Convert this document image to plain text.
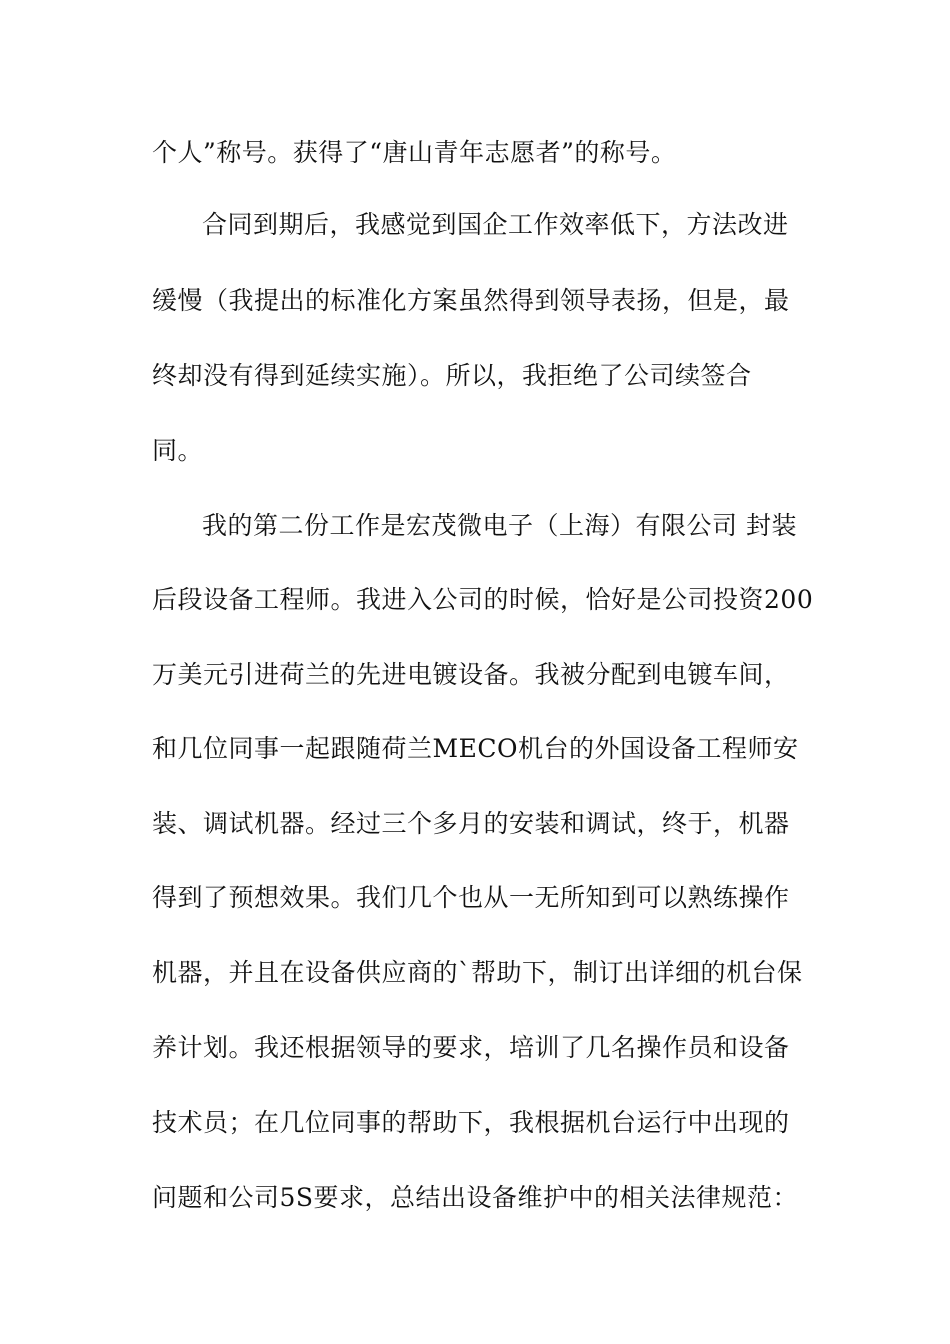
个人”称号。获得了“唐山青年志愿者”的称号。
合同到期后，我感觉到国企工作效率低下，方法改进
缓慢（我提出的标准化方案虽然得到领导表扬，但是，最
终却没有得到延续实施）。所以，我拒绝了公司续签合
同。
我的第二份工作是宏茂微电子（上海）有限公司 封装
后段设备工程师。我进入公司的时候，恰好是公司投资200
万美元引进荷兰的先进电镀设备。我被分配到电镀车间，
和几位同事一起跟随荷兰MECO机台的外国设备工程师安
装、调试机器。经过三个多月的安装和调试，终于，机器
得到了预想效果。我们几个也从一无所知到可以熟练操作
机器，并且在设备供应商的`帮助下，制订出详细的机台保
养计划。我还根据领导的要求，培训了几名操作员和设备
技术员；在几位同事的帮助下，我根据机台运行中出现的
问题和公司5S要求，总结出设备维护中的相关法律规范：
